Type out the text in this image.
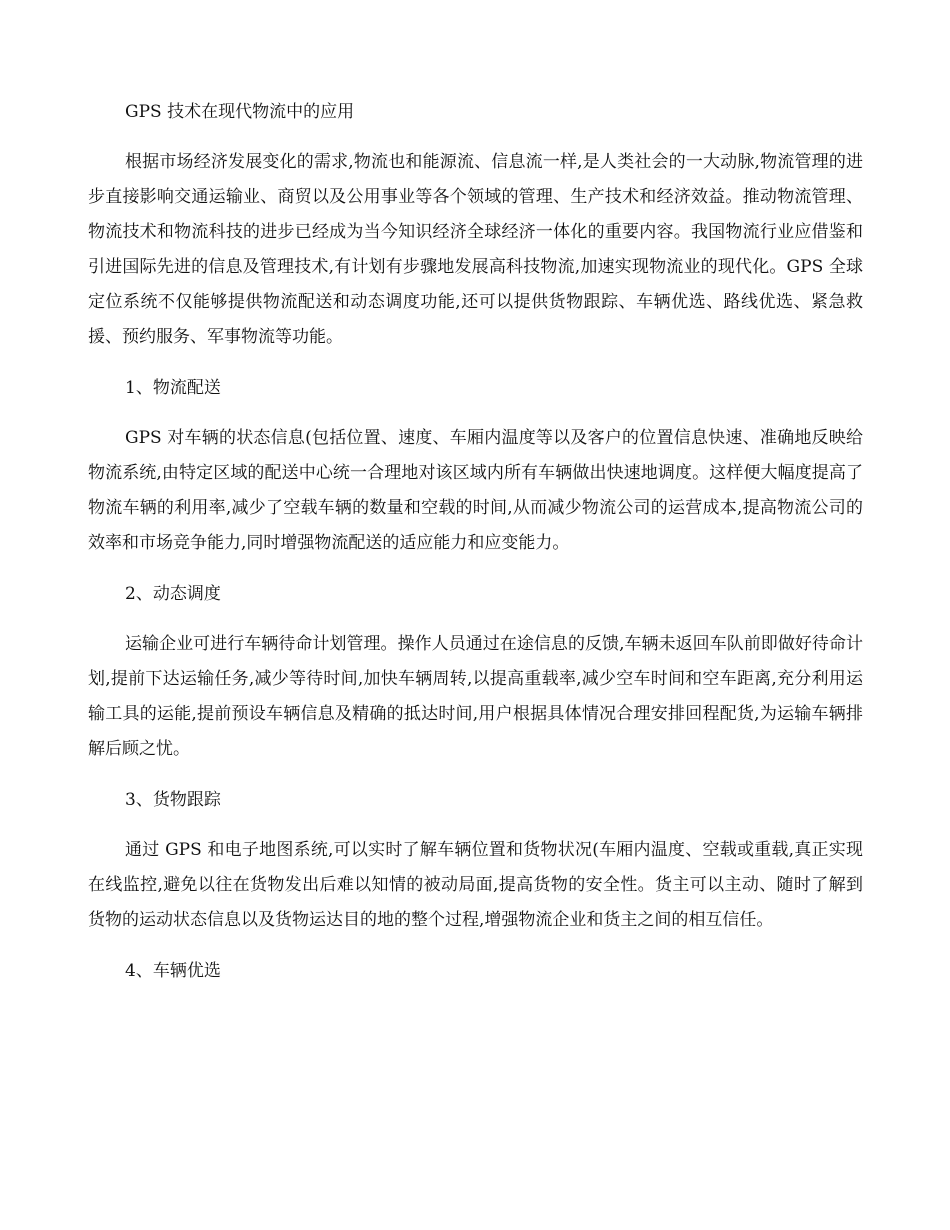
GPS 技术在现代物流中的应用

根据市场经济发展变化的需求,物流也和能源流、信息流一样,是人类社会的一大动脉,物流管理的进步直接影响交通运输业、商贸以及公用事业等各个领域的管理、生产技术和经济效益。推动物流管理、物流技术和物流科技的进步已经成为当今知识经济全球经济一体化的重要内容。我国物流行业应借鉴和引进国际先进的信息及管理技术,有计划有步骤地发展高科技物流,加速实现物流业的现代化。GPS 全球定位系统不仅能够提供物流配送和动态调度功能,还可以提供货物跟踪、车辆优选、路线优选、紧急救援、预约服务、军事物流等功能。

1、物流配送

GPS 对车辆的状态信息(包括位置、速度、车厢内温度等以及客户的位置信息快速、准确地反映给物流系统,由特定区域的配送中心统一合理地对该区域内所有车辆做出快速地调度。这样便大幅度提高了物流车辆的利用率,减少了空载车辆的数量和空载的时间,从而减少物流公司的运营成本,提高物流公司的效率和市场竞争能力,同时增强物流配送的适应能力和应变能力。

2、动态调度

运输企业可进行车辆待命计划管理。操作人员通过在途信息的反馈,车辆未返回车队前即做好待命计划,提前下达运输任务,减少等待时间,加快车辆周转,以提高重载率,减少空车时间和空车距离,充分利用运输工具的运能,提前预设车辆信息及精确的抵达时间,用户根据具体情况合理安排回程配货,为运输车辆排解后顾之忧。

3、货物跟踪

通过 GPS 和电子地图系统,可以实时了解车辆位置和货物状况(车厢内温度、空载或重载,真正实现在线监控,避免以往在货物发出后难以知情的被动局面,提高货物的安全性。货主可以主动、随时了解到货物的运动状态信息以及货物运达目的地的整个过程,增强物流企业和货主之间的相互信任。

4、车辆优选
